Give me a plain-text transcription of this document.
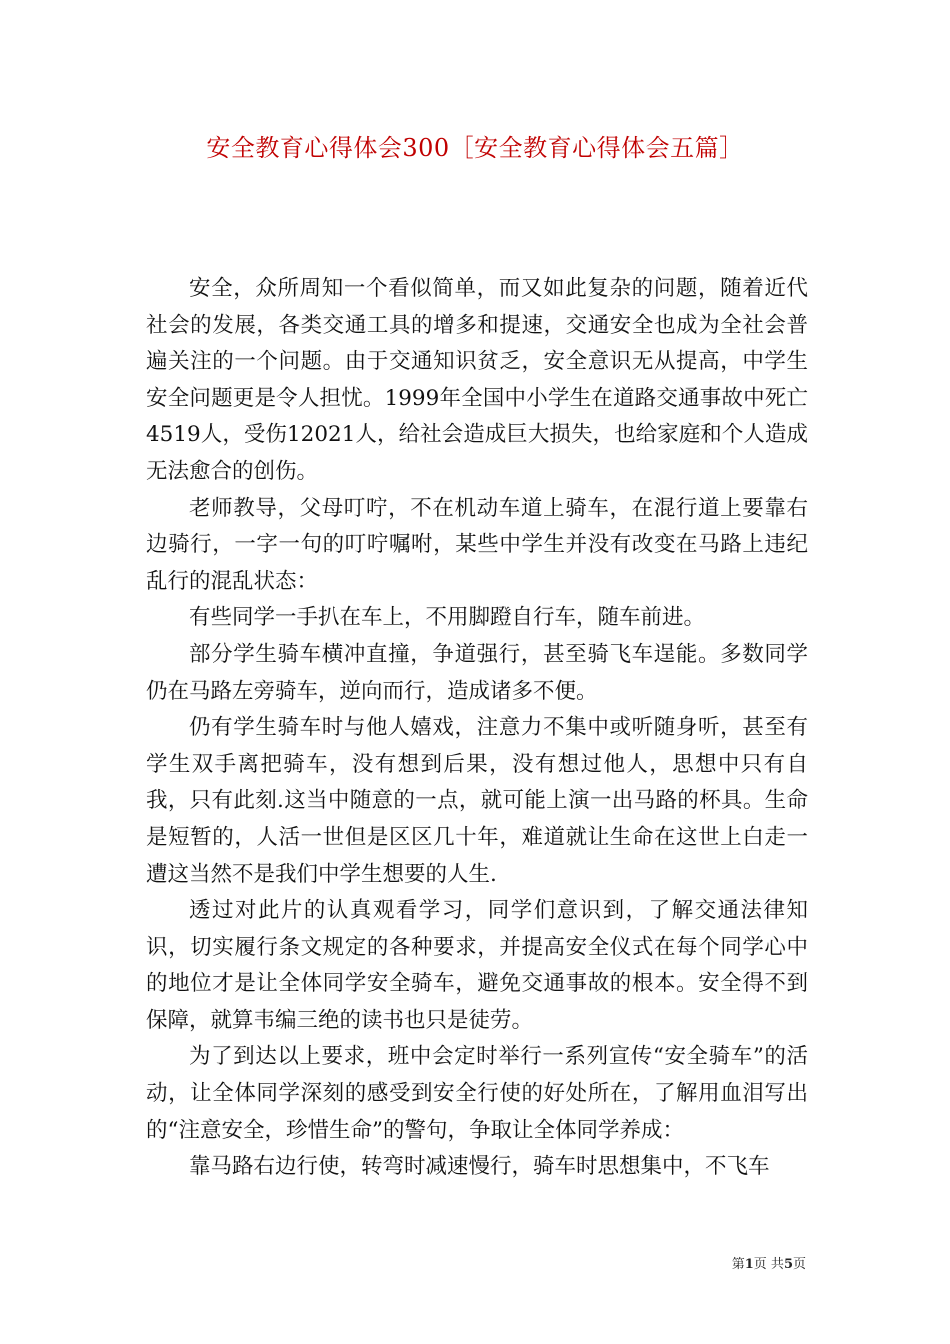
安全教育心得体会300［安全教育心得体会五篇］

安全，众所周知一个看似简单，而又如此复杂的问题，随着近代社会的发展，各类交通工具的增多和提速，交通安全也成为全社会普遍关注的一个问题。由于交通知识贫乏，安全意识无从提高，中学生安全问题更是令人担忧。1999年全国中小学生在道路交通事故中死亡4519人，受伤12021人，给社会造成巨大损失，也给家庭和个人造成无法愈合的创伤。

老师教导，父母叮咛，不在机动车道上骑车，在混行道上要靠右边骑行，一字一句的叮咛嘱咐，某些中学生并没有改变在马路上违纪乱行的混乱状态：

有些同学一手扒在车上，不用脚蹬自行车，随车前进。

部分学生骑车横冲直撞，争道强行，甚至骑飞车逞能。多数同学仍在马路左旁骑车，逆向而行，造成诸多不便。

仍有学生骑车时与他人嬉戏，注意力不集中或听随身听，甚至有学生双手离把骑车，没有想到后果，没有想过他人，思想中只有自我，只有此刻.这当中随意的一点，就可能上演一出马路的杯具。生命是短暂的，人活一世但是区区几十年，难道就让生命在这世上白走一遭这当然不是我们中学生想要的人生.

透过对此片的认真观看学习，同学们意识到，了解交通法律知识，切实履行条文规定的各种要求，并提高安全仪式在每个同学心中的地位才是让全体同学安全骑车，避免交通事故的根本。安全得不到保障，就算韦编三绝的读书也只是徒劳。

为了到达以上要求，班中会定时举行一系列宣传“安全骑车”的活动，让全体同学深刻的感受到安全行使的好处所在，了解用血泪写出的“注意安全，珍惜生命”的警句，争取让全体同学养成：

靠马路右边行使，转弯时减速慢行，骑车时思想集中，不飞车

第1页 共5页
